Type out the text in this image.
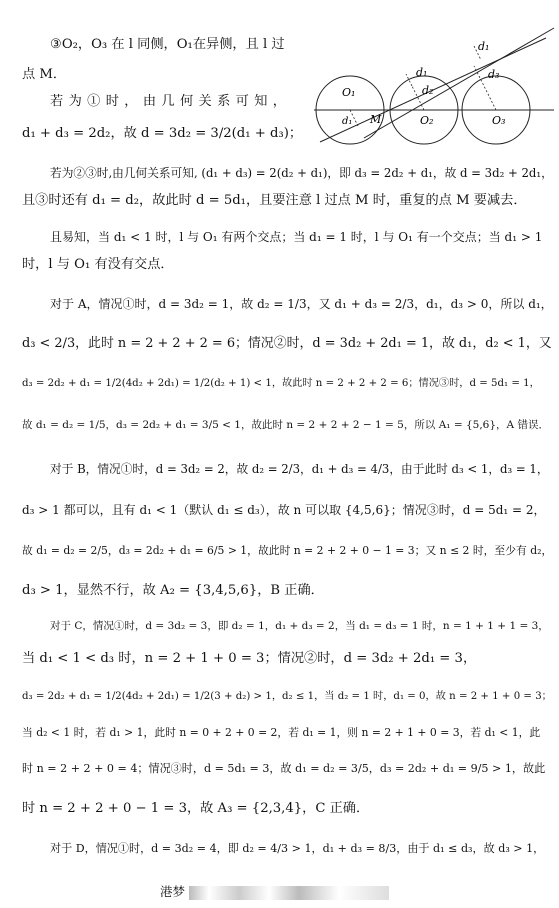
d₁
d₃
d₁
d₂
O₁
O₂	O₃
d₁ M
③O₂，O₃ 在 l 同侧，O₁在异侧，且 l 过
点 M．
若为①时，由几何关系可知，
d₁ + d₃ = 2d₂，故 d = 3d₂ = 3/2(d₁ + d₃)；
若为②③时,由几何关系可知, (d₁ + d₃) = 2(d₂ + d₁)，即 d₃ = 2d₂ + d₁，故 d = 3d₂ + 2d₁，
且③时还有 d₁ = d₂，故此时 d = 5d₁，且要注意 l 过点 M 时，重复的点 M 要减去．
且易知，当 d₁ < 1 时，l 与 O₁ 有两个交点；当 d₁ = 1 时，l 与 O₁ 有一个交点；当 d₁ > 1
时，l 与 O₁ 有没有交点．
对于 A，情况①时，d = 3d₂ = 1，故 d₂ = 1/3，又 d₁ + d₃ = 2/3，d₁，d₃ > 0，所以 d₁，
d₃ < 2/3，此时 n = 2 + 2 + 2 = 6；情况②时，d = 3d₂ + 2d₁ = 1，故 d₁，d₂ < 1，又
d₃ = 2d₂ + d₁ = 1/2(4d₂ + 2d₁) = 1/2(d₂ + 1) < 1，故此时 n = 2 + 2 + 2 = 6；情况③时，d = 5d₁ = 1，
故 d₁ = d₂ = 1/5，d₃ = 2d₂ + d₁ = 3/5 < 1，故此时 n = 2 + 2 + 2 − 1 = 5，所以 A₁ = {5,6}，A 错误．
对于 B，情况①时，d = 3d₂ = 2，故 d₂ = 2/3，d₁ + d₃ = 4/3，由于此时 d₃ < 1，d₃ = 1，
d₃ > 1 都可以，且有 d₁ < 1（默认 d₁ ≤ d₃），故 n 可以取 {4,5,6}；情况③时，d = 5d₁ = 2，
故 d₁ = d₂ = 2/5，d₃ = 2d₂ + d₁ = 6/5 > 1，故此时 n = 2 + 2 + 0 − 1 = 3；又 n ≤ 2 时，至少有 d₂，
d₃ > 1，显然不行，故 A₂ = {3,4,5,6}，B 正确．
对于 C，情况①时，d = 3d₂ = 3，即 d₂ = 1，d₁ + d₃ = 2，当 d₁ = d₃ = 1 时，n = 1 + 1 + 1 = 3，
当 d₁ < 1 < d₃ 时，n = 2 + 1 + 0 = 3；情况②时，d = 3d₂ + 2d₁ = 3，
d₃ = 2d₂ + d₁ = 1/2(4d₂ + 2d₁) = 1/2(3 + d₂) > 1，d₂ ≤ 1，当 d₂ = 1 时，d₁ = 0，故 n = 2 + 1 + 0 = 3；
当 d₂ < 1 时，若 d₁ > 1，此时 n = 0 + 2 + 0 = 2，若 d₁ = 1，则 n = 2 + 1 + 0 = 3，若 d₁ < 1，此
时 n = 2 + 2 + 0 = 4；情况③时，d = 5d₁ = 3，故 d₁ = d₂ = 3/5，d₃ = 2d₂ + d₁ = 9/5 > 1，故此
时 n = 2 + 2 + 0 − 1 = 3，故 A₃ = {2,3,4}，C 正确．
对于 D，情况①时，d = 3d₂ = 4，即 d₂ = 4/3 > 1，d₁ + d₃ = 8/3，由于 d₁ ≤ d₃，故 d₃ > 1，
港梦
